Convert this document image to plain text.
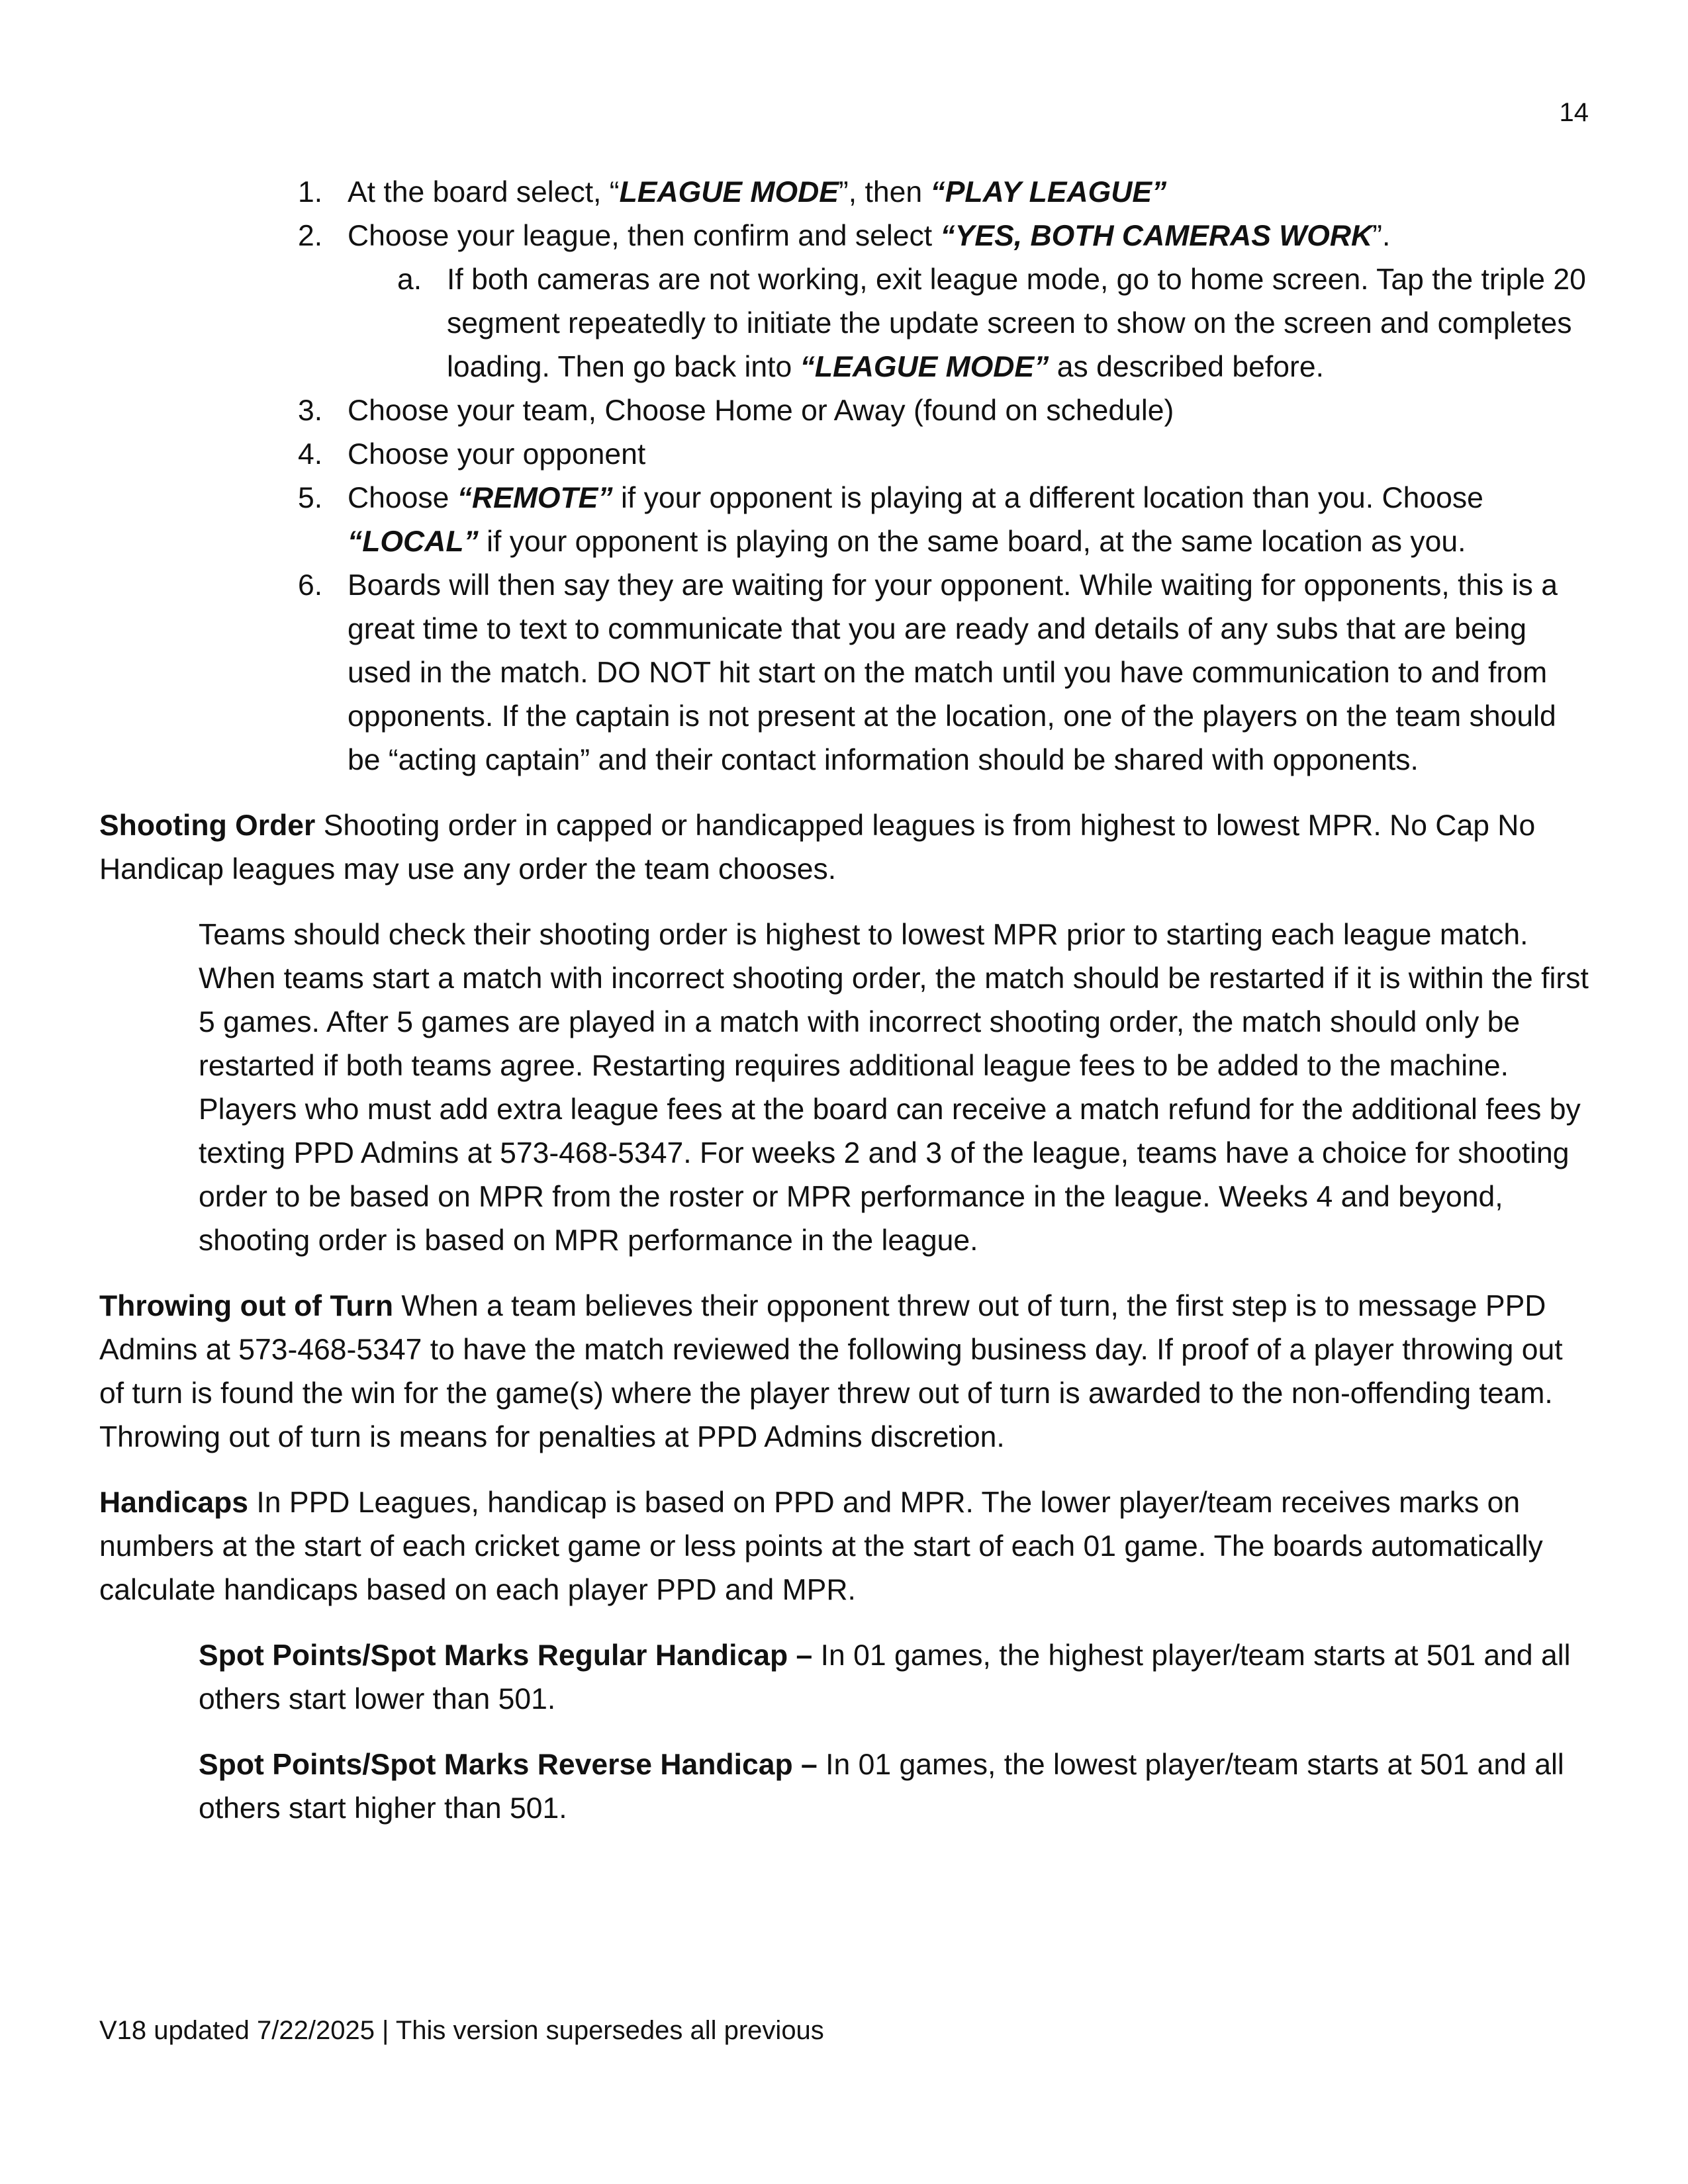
14
1. At the board select, “LEAGUE MODE”, then “PLAY LEAGUE”
2. Choose your league, then confirm and select “YES, BOTH CAMERAS WORK”.
a. If both cameras are not working, exit league mode, go to home screen. Tap the triple 20 segment repeatedly to initiate the update screen to show on the screen and completes loading. Then go back into “LEAGUE MODE” as described before.
3. Choose your team, Choose Home or Away (found on schedule)
4. Choose your opponent
5. Choose “REMOTE” if your opponent is playing at a different location than you. Choose “LOCAL” if your opponent is playing on the same board, at the same location as you.
6. Boards will then say they are waiting for your opponent. While waiting for opponents, this is a great time to text to communicate that you are ready and details of any subs that are being used in the match. DO NOT hit start on the match until you have communication to and from opponents. If the captain is not present at the location, one of the players on the team should be “acting captain” and their contact information should be shared with opponents.

Shooting Order Shooting order in capped or handicapped leagues is from highest to lowest MPR. No Cap No Handicap leagues may use any order the team chooses.

Teams should check their shooting order is highest to lowest MPR prior to starting each league match. When teams start a match with incorrect shooting order, the match should be restarted if it is within the first 5 games. After 5 games are played in a match with incorrect shooting order, the match should only be restarted if both teams agree. Restarting requires additional league fees to be added to the machine. Players who must add extra league fees at the board can receive a match refund for the additional fees by texting PPD Admins at 573-468-5347. For weeks 2 and 3 of the league, teams have a choice for shooting order to be based on MPR from the roster or MPR performance in the league. Weeks 4 and beyond, shooting order is based on MPR performance in the league.

Throwing out of Turn When a team believes their opponent threw out of turn, the first step is to message PPD Admins at 573-468-5347 to have the match reviewed the following business day. If proof of a player throwing out of turn is found the win for the game(s) where the player threw out of turn is awarded to the non-offending team. Throwing out of turn is means for penalties at PPD Admins discretion.

Handicaps In PPD Leagues, handicap is based on PPD and MPR. The lower player/team receives marks on numbers at the start of each cricket game or less points at the start of each 01 game. The boards automatically calculate handicaps based on each player PPD and MPR.

Spot Points/Spot Marks Regular Handicap – In 01 games, the highest player/team starts at 501 and all others start lower than 501.

Spot Points/Spot Marks Reverse Handicap – In 01 games, the lowest player/team starts at 501 and all others start higher than 501.

V18 updated 7/22/2025 | This version supersedes all previous
